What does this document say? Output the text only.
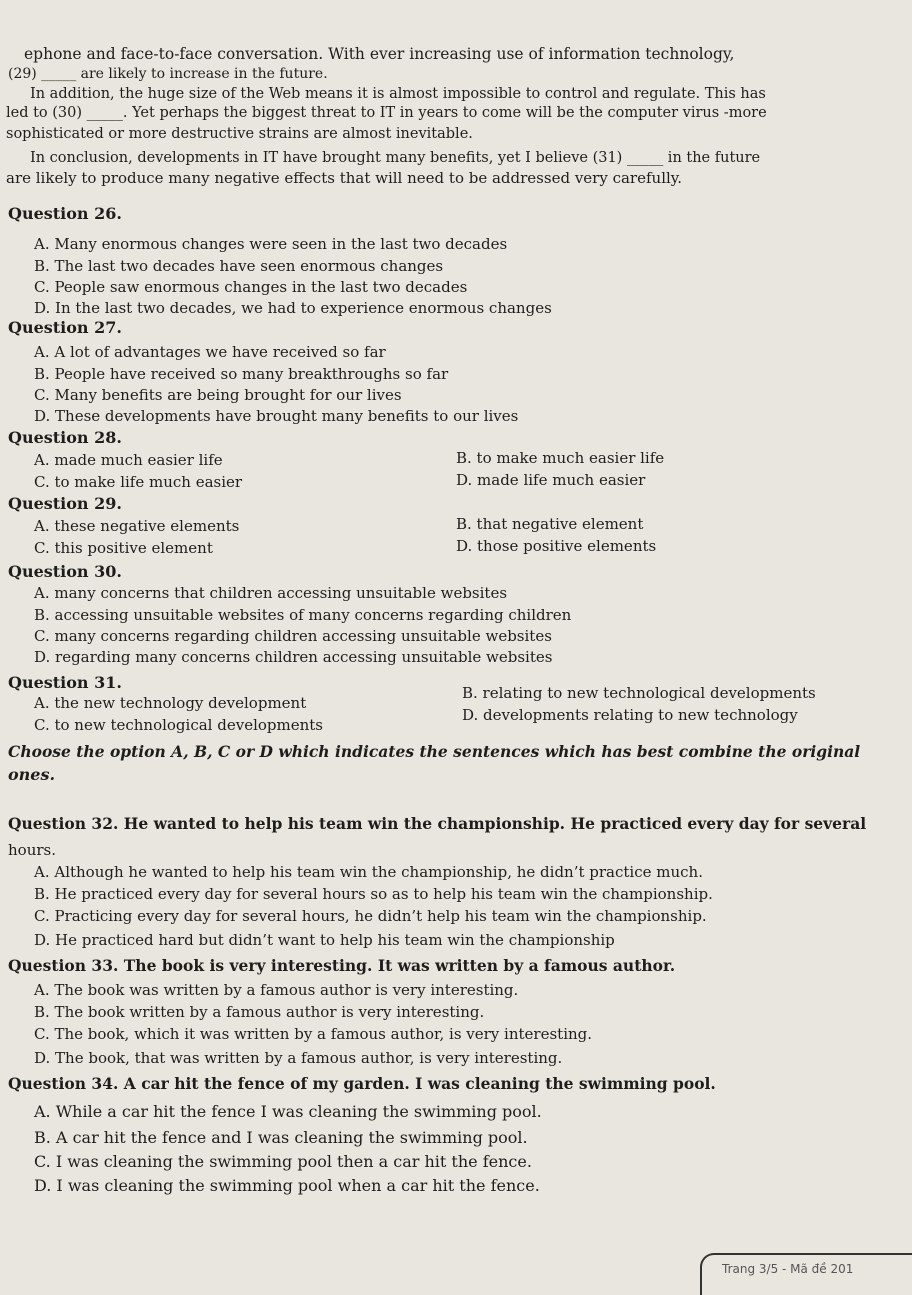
ephone and face-to-face conversation. With ever increasing use of information technology,
(29) _____ are likely to increase in the future.
In addition, the huge size of the Web means it is almost impossible to control and regulate. This has
led to (30) _____. Yet perhaps the biggest threat to IT in years to come will be the computer virus -more
sophisticated or more destructive strains are almost inevitable.
In conclusion, developments in IT have brought many benefits, yet I believe (31) _____ in the future
are likely to produce many negative effects that will need to be addressed very carefully.
Question 26.
A. Many enormous changes were seen in the last two decades
B. The last two decades have seen enormous changes
C. People saw enormous changes in the last two decades
D. In the last two decades, we had to experience enormous changes
Question 27.
A. A lot of advantages we have received so far
B. People have received so many breakthroughs so far
C. Many benefits are being brought for our lives
D. These developments have brought many benefits to our lives
Question 28.
A. made much easier life	B. to make much easier life
C. to make life much easier	D. made life much easier
Question 29.
A. these negative elements	B. that negative element
C. this positive element	D. those positive elements
Question 30.
A. many concerns that children accessing unsuitable websites
B. accessing unsuitable websites of many concerns regarding children
C. many concerns regarding children accessing unsuitable websites
D. regarding many concerns children accessing unsuitable websites
Question 31.
A. the new technology development
B. relating to new technological developments
C. to new technological developments
D. developments relating to new technology
Choose the option A, B, C or D which indicates the sentences which has best combine the original
ones.
Question 32. He wanted to help his team win the championship. He practiced every day for several
hours.
A. Although he wanted to help his team win the championship, he didn’t practice much.
B. He practiced every day for several hours so as to help his team win the championship.
C. Practicing every day for several hours, he didn’t help his team win the championship.
D. He practiced hard but didn’t want to help his team win the championship
Question 33. The book is very interesting. It was written by a famous author.
A. The book was written by a famous author is very interesting.
B. The book written by a famous author is very interesting.
C. The book, which it was written by a famous author, is very interesting.
D. The book, that was written by a famous author, is very interesting.
Question 34. A car hit the fence of my garden. I was cleaning the swimming pool.
A. While a car hit the fence I was cleaning the swimming pool.
B. A car hit the fence and I was cleaning the swimming pool.
C. I was cleaning the swimming pool then a car hit the fence.
D. I was cleaning the swimming pool when a car hit the fence.
Trang 3/5 - Mã đề 201
